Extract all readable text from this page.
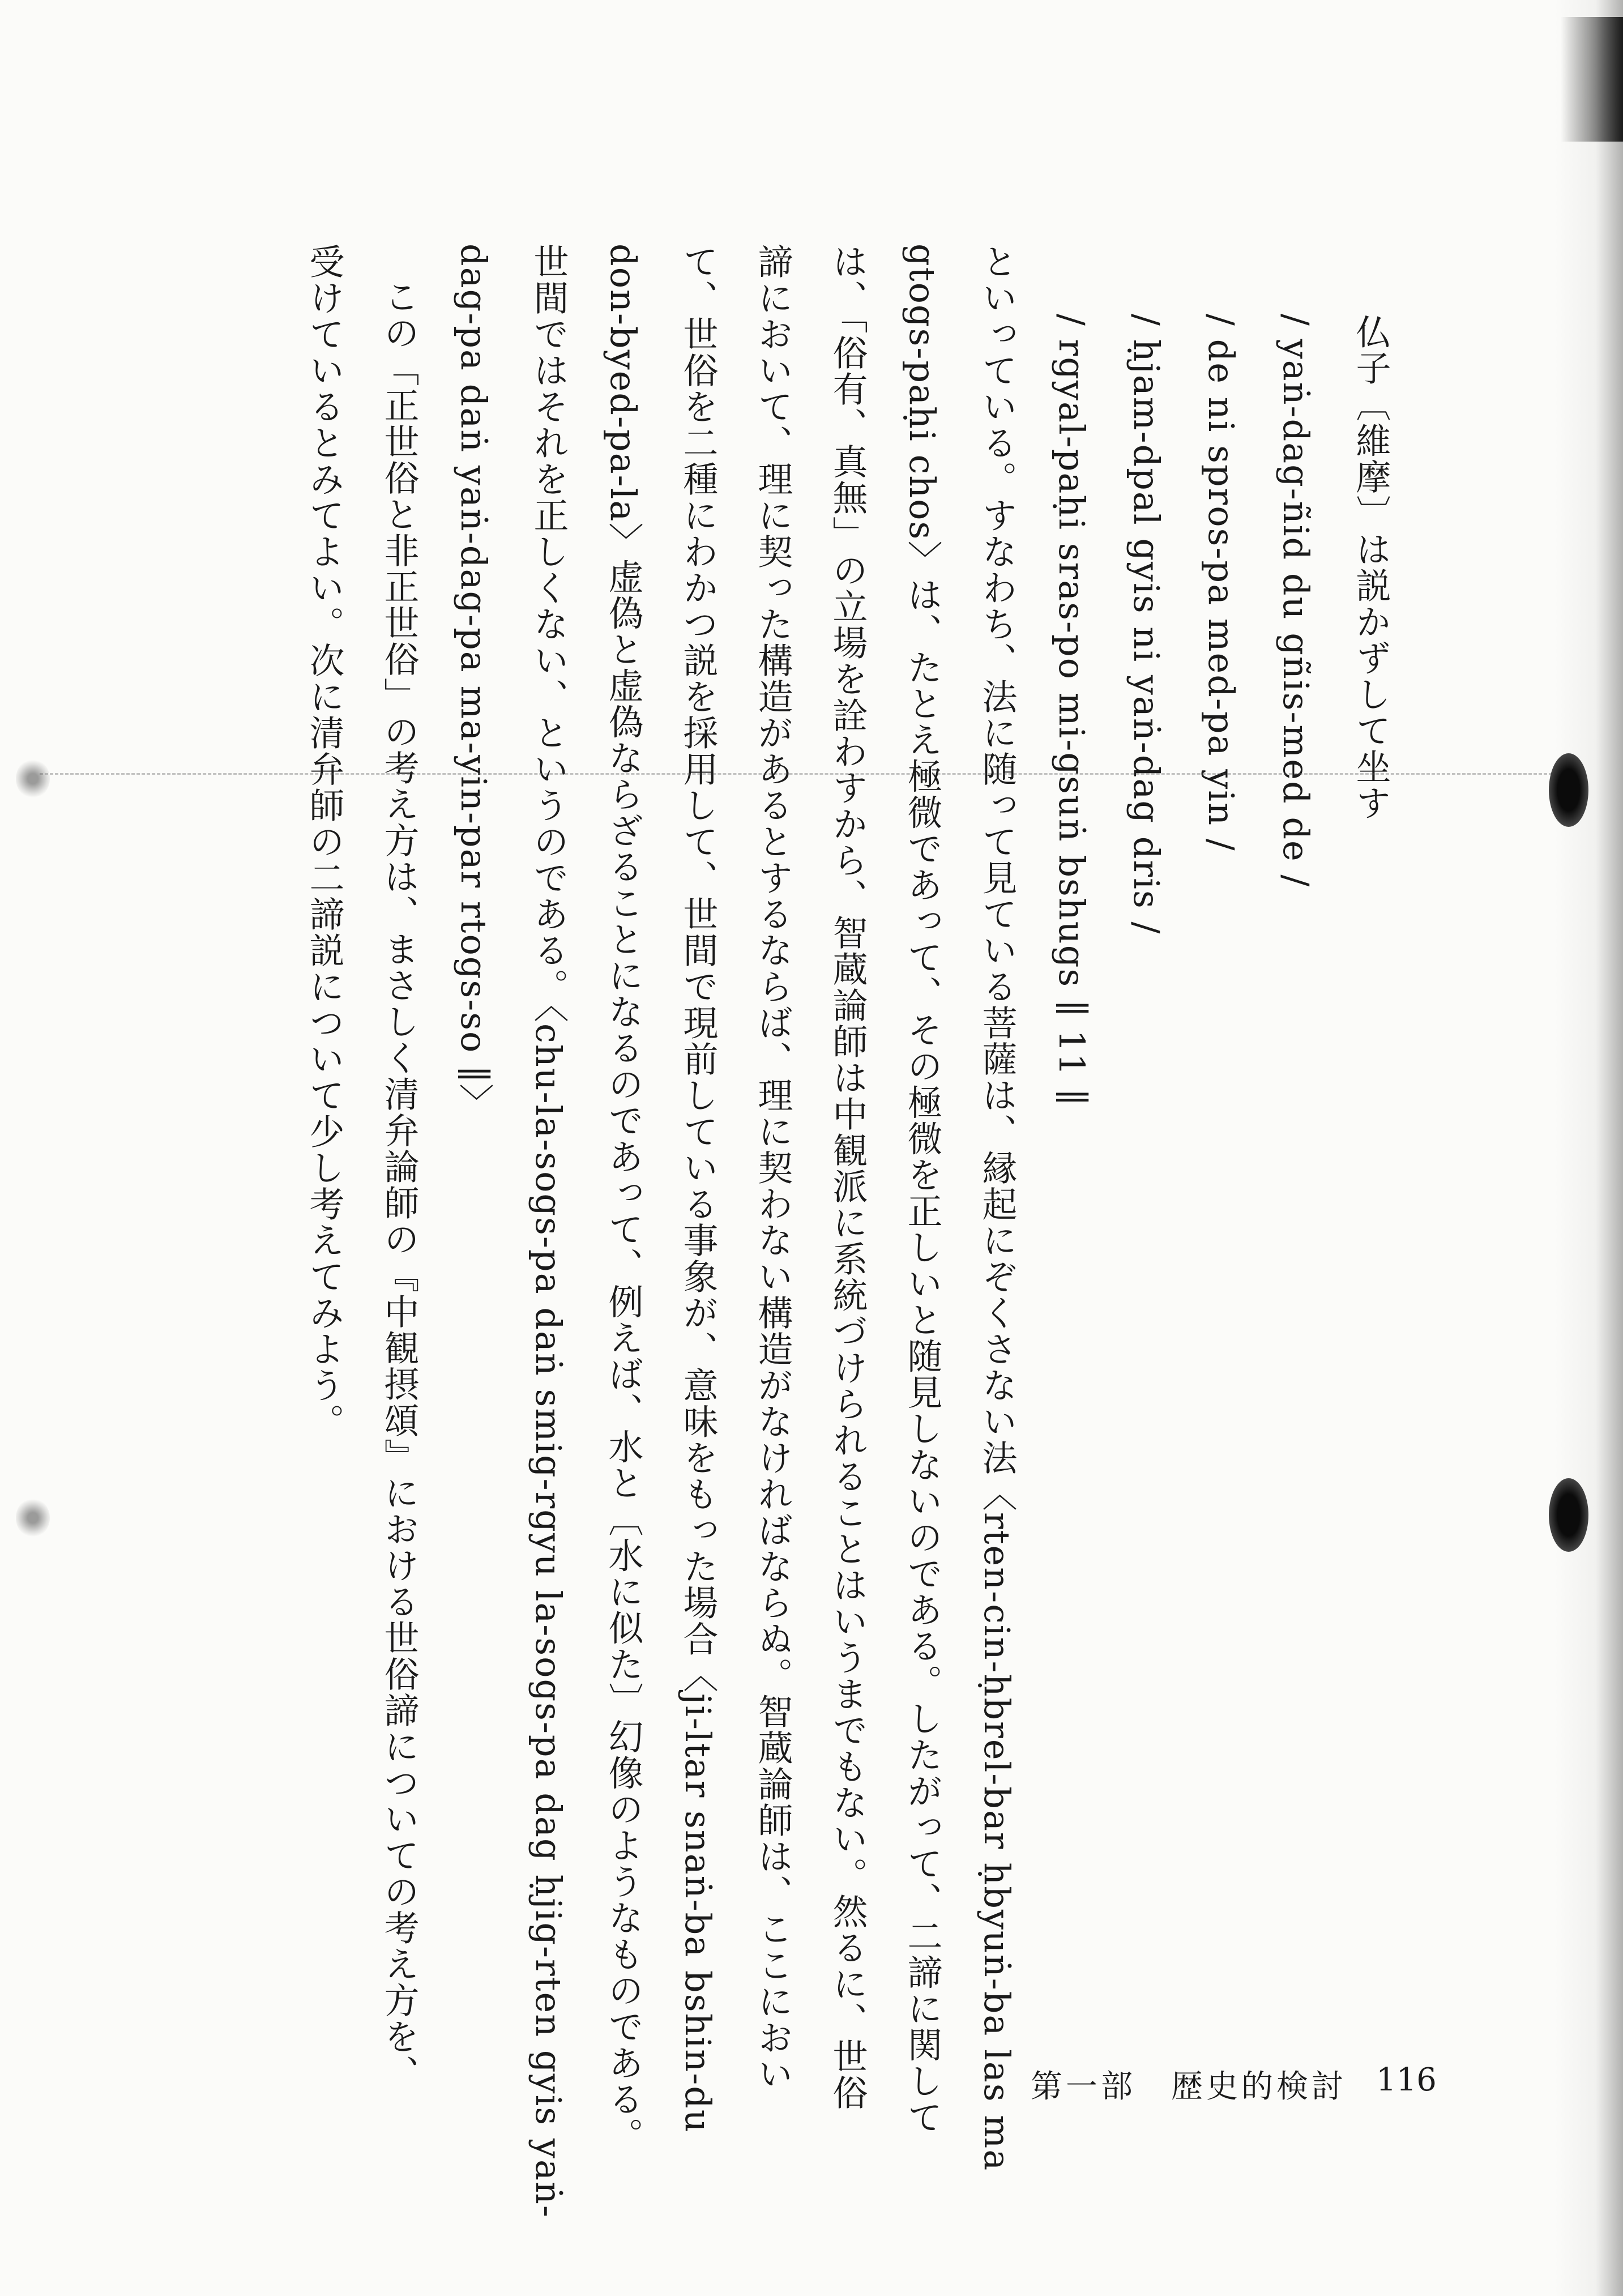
仏子〔維摩〕は説かずして坐す
/ yaṅ-dag-ñid du gñis-med de /
/ de ni spros-pa med-pa yin /
/ ḥjam-dpal gyis ni yaṅ-dag dris /
/ rgyal-paḥi sras-po mi-gsuṅ bshugs ∥ 11 ∥
といっている。すなわち、法に随って見ている菩薩は、縁起にぞくさない法〈rten-cin-ḥbrel-bar ḥbyuṅ-ba las ma
gtogs-paḥi chos〉は、たとえ極微であって、その極微を正しいと随見しないのである。したがって、二諦に関して
は、「俗有、真無」の立場を詮わすから、智蔵論師は中観派に系統づけられることはいうまでもない。然るに、世俗
諦において、理に契った構造があるとするならば、理に契わない構造がなければならぬ。智蔵論師は、ここにおい
て、世俗を二種にわかつ説を採用して、世間で現前している事象が、意味をもった場合〈ji-ltar snaṅ-ba bshin-du
don-byed-pa-la〉虚偽と虚偽ならざることになるのであって、例えば、水と〔水に似た〕幻像のようなものである。
世間ではそれを正しくない、というのである。〈chu-la-sogs-pa daṅ smig-rgyu la-sogs-pa dag ḥjig-rten gyis yaṅ-
dag-pa daṅ yaṅ-dag-pa ma-yin-par rtogs-so ∥〉
この「正世俗と非正世俗」の考え方は、まさしく清弁論師の『中観摂頌』における世俗諦についての考え方を、
受けているとみてよい。次に清弁師の二諦説について少し考えてみよう。
第一部　歴史的検討 116
